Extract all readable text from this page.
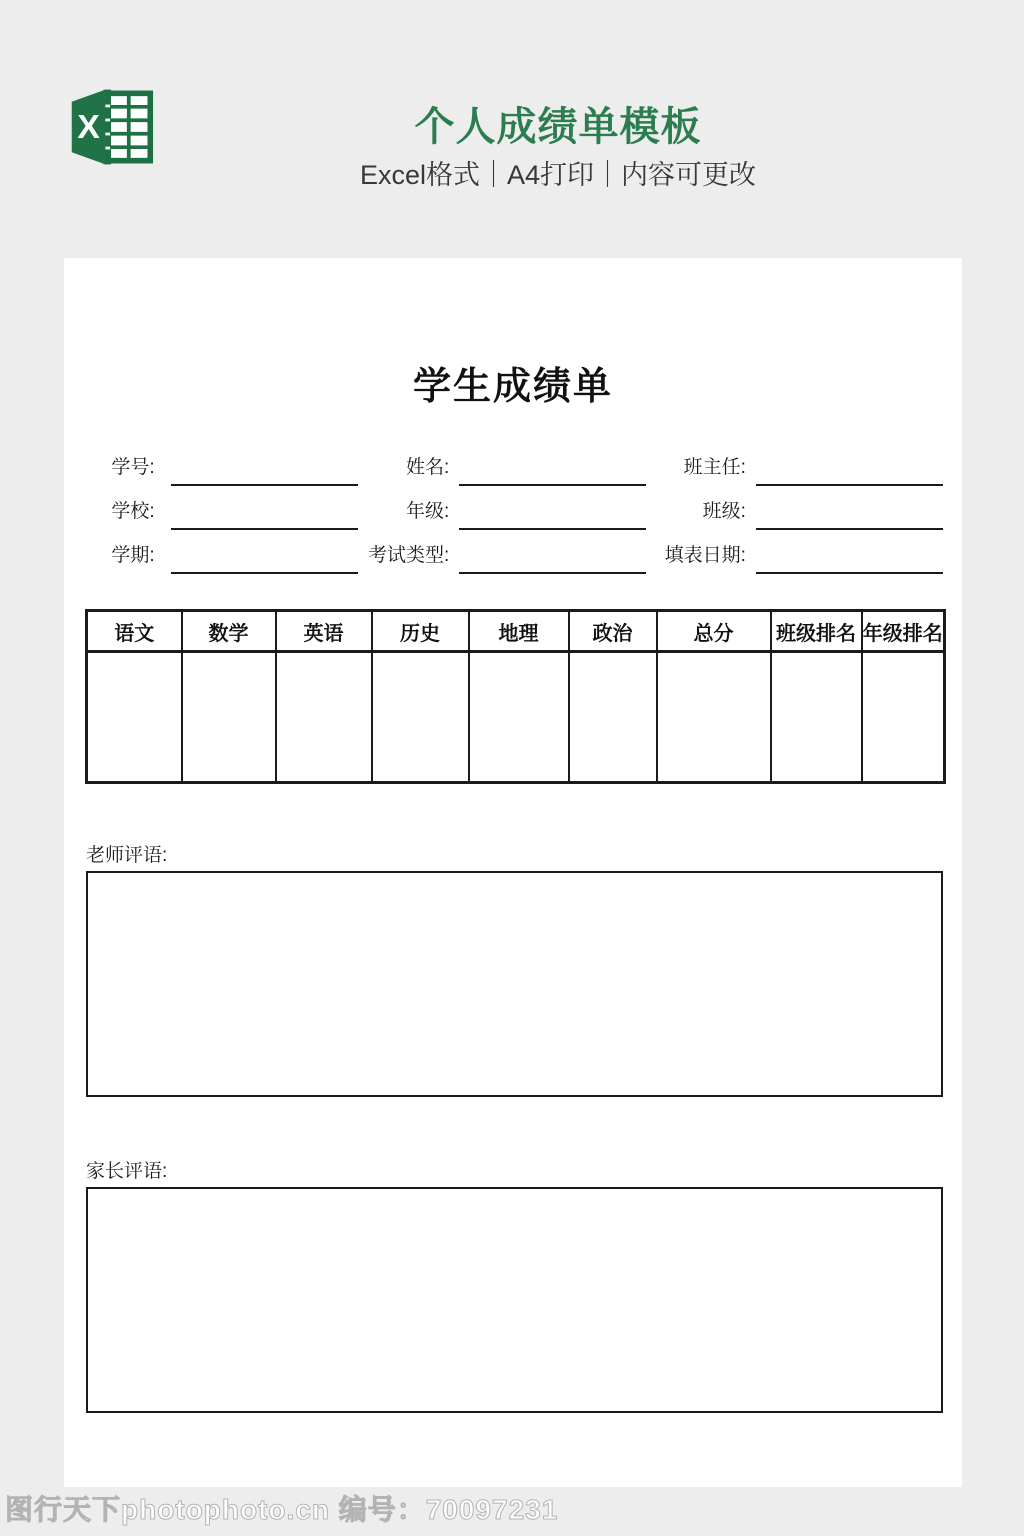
X	个人成绩单模板
Excel格式｜A4打印｜内容可更改
学生成绩单
学号:	姓名:	班主任:
学校:	年级:	班级:
学期:	考试类型:	填表日期:
语文	数学	英语	历史	地理	政治	总分	班级排名	年级排名

老师评语:
家长评语:
图行天下photophoto.cn 编号：70097231
